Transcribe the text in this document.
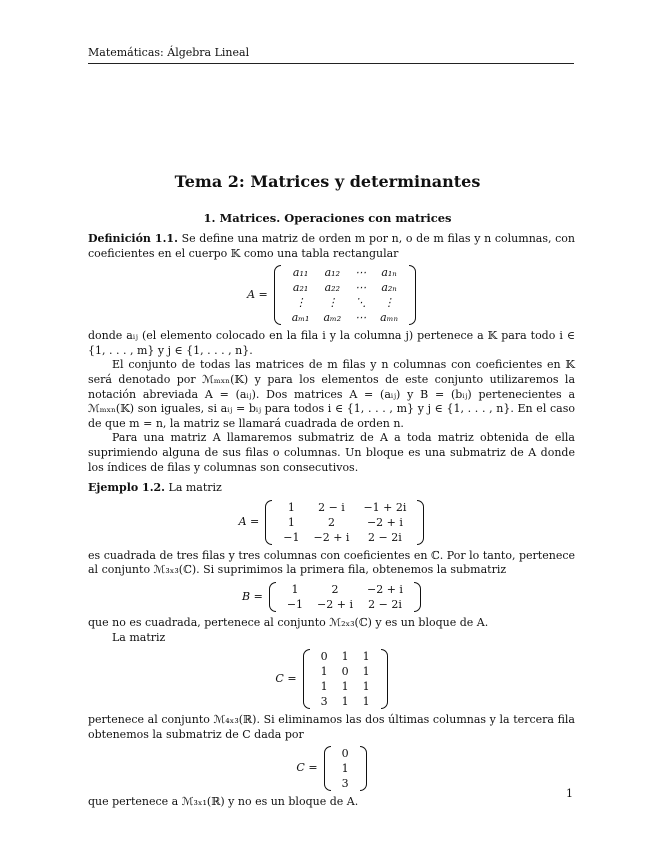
Matemáticas: Álgebra Lineal
Tema 2: Matrices y determinantes
1. Matrices. Operaciones con matrices

Definición 1.1. Se define una matriz de orden m por n, o de m filas y n columnas, con coeficientes en el cuerpo 𝕂 como una tabla rectangular

A =
a₁₁	a₁₂	⋯	a₁ₙ
a₂₁	a₂₂	⋯	a₂ₙ
⋮	⋮	⋱	⋮
aₘ₁	aₘ₂	⋯	aₘₙ

donde aᵢⱼ (el elemento colocado en la fila i y la columna j) pertenece a 𝕂 para todo i ∈ {1, . . . , m} y j ∈ {1, . . . , n}.

El conjunto de todas las matrices de m filas y n columnas con coeficientes en 𝕂 será denotado por ℳₘₓₙ(𝕂) y para los elementos de este conjunto utilizaremos la notación abreviada A = (aᵢⱼ). Dos matrices A = (aᵢⱼ) y B = (bᵢⱼ) pertenecientes a ℳₘₓₙ(𝕂) son iguales, si aᵢⱼ = bᵢⱼ para todos i ∈ {1, . . . , m} y j ∈ {1, . . . , n}. En el caso de que m = n, la matriz se llamará cuadrada de orden n.

Para una matriz A llamaremos submatriz de A a toda matriz obtenida de ella suprimiendo alguna de sus filas o columnas. Un bloque es una submatriz de A donde los índices de filas y columnas son consecutivos.

Ejemplo 1.2. La matriz

A =
1	2 − i	−1 + 2i
1	2	−2 + i
−1	−2 + i	2 − 2i

es cuadrada de tres filas y tres columnas con coeficientes en ℂ. Por lo tanto, pertenece al conjunto ℳ₃ₓ₃(ℂ). Si suprimimos la primera fila, obtenemos la submatriz

B =
1	2	−2 + i
−1	−2 + i	2 − 2i

que no es cuadrada, pertenece al conjunto ℳ₂ₓ₃(ℂ) y es un bloque de A.

La matriz

C =
0	1	1
1	0	1
1	1	1
3	1	1

pertenece al conjunto ℳ₄ₓ₃(ℝ). Si eliminamos las dos últimas columnas y la tercera fila obtenemos la submatriz de C dada por

C =
0
1
3

que pertenece a ℳ₃ₓ₁(ℝ) y no es un bloque de A.

1
